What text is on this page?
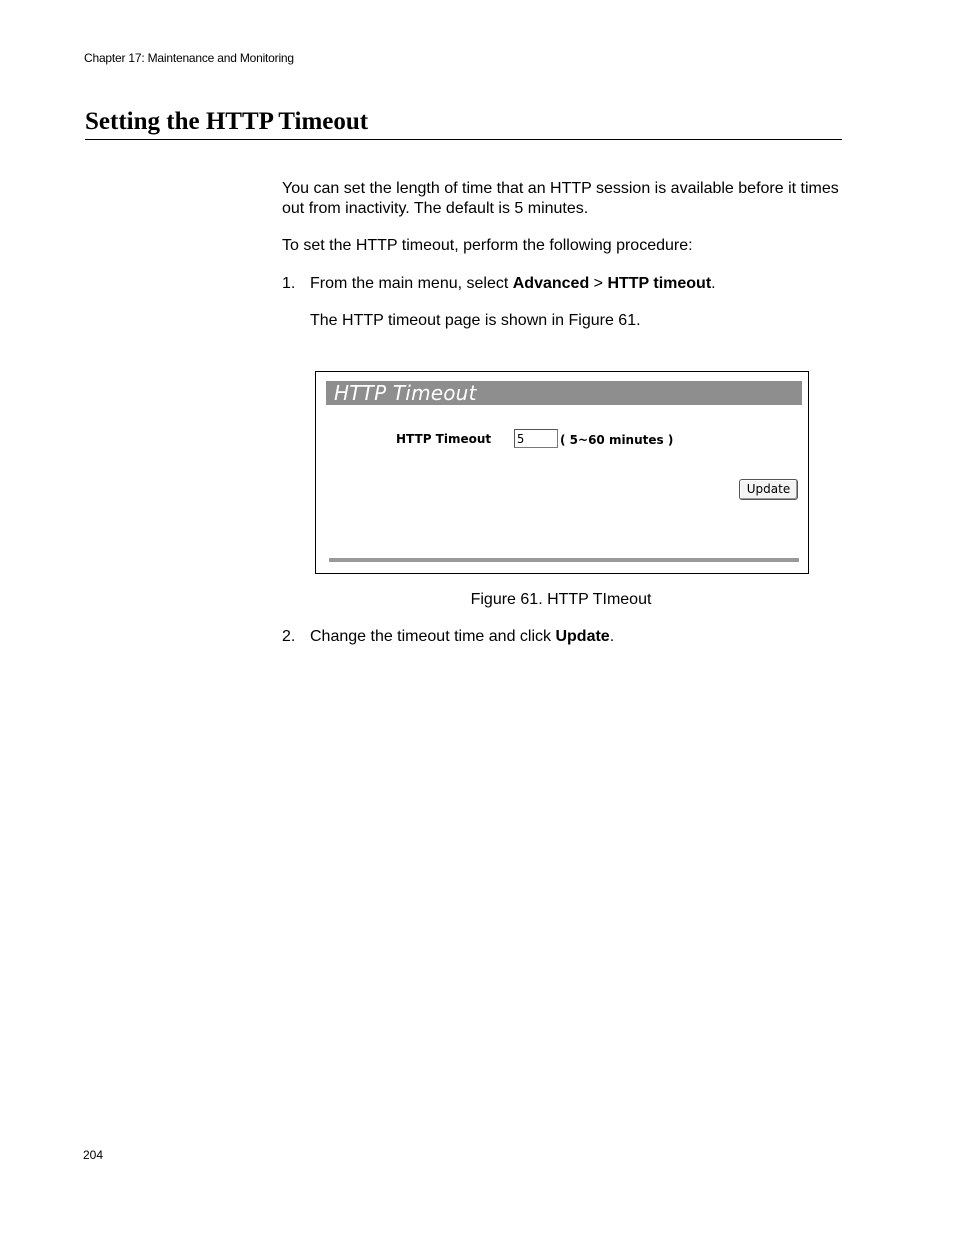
Chapter 17: Maintenance and Monitoring
Setting the HTTP Timeout

You can set the length of time that an HTTP session is available before it times out from inactivity. The default is 5 minutes.

To set the HTTP timeout, perform the following procedure:

1. From the main menu, select Advanced > HTTP timeout.
The HTTP timeout page is shown in Figure 61.
HTTP Timeout
HTTP Timeout
5	( 5~60 minutes )
Update
Figure 61. HTTP TImeout
2. Change the timeout time and click Update.
204
